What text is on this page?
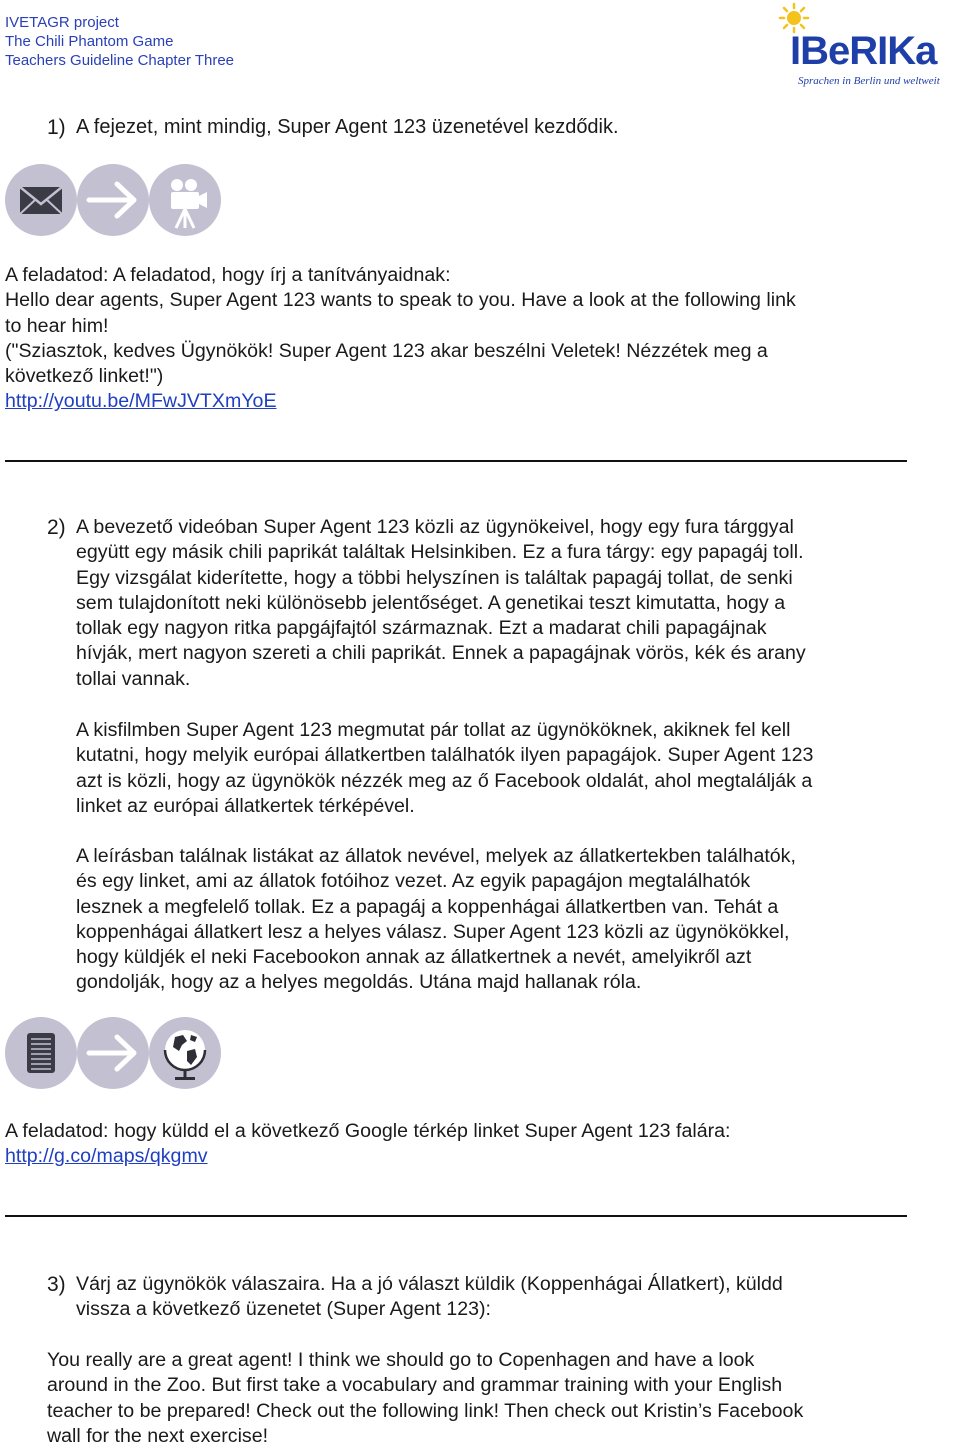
IVETAGR project
The Chili Phantom Game
Teachers Guideline Chapter Three	IBeRIKa
Sprachen in Berlin und weltweit
1) A fejezet, mint mindig, Super Agent 123 üzenetével kezdődik.

A feladatod: A feladatod, hogy írj a tanítványaidnak:

Hello dear agents, Super Agent 123 wants to speak to you. Have a look at the following link

to hear him!

("Sziasztok, kedves Ügynökök! Super Agent 123 akar beszélni Veletek! Nézzétek meg a

következő linket!")

http://youtu.be/MFwJVTXmYoE

2) A bevezető videóban Super Agent 123 közli az ügynökeivel, hogy egy fura tárggyal

együtt egy másik chili paprikát találtak Helsinkiben. Ez a fura tárgy: egy papagáj toll.

Egy vizsgálat kiderítette, hogy a többi helyszínen is találtak papagáj tollat, de senki

sem tulajdonított neki különösebb jelentőséget. A genetikai teszt kimutatta, hogy a

tollak egy nagyon ritka papgájfajtól származnak. Ezt a madarat chili papagájnak

hívják, mert nagyon szereti a chili paprikát. Ennek a papagájnak vörös, kék és arany

tollai vannak.

A kisfilmben Super Agent 123 megmutat pár tollat az ügynököknek, akiknek fel kell

kutatni, hogy melyik európai állatkertben találhatók ilyen papagájok. Super Agent 123

azt is közli, hogy az ügynökök nézzék meg az ő Facebook oldalát, ahol megtalálják a

linket az európai állatkertek térképével.

A leírásban találnak listákat az állatok nevével, melyek az állatkertekben találhatók,

és egy linket, ami az állatok fotóihoz vezet. Az egyik papagájon megtalálhatók

lesznek a megfelelő tollak. Ez a papagáj a koppenhágai állatkertben van. Tehát a

koppenhágai állatkert lesz a helyes válasz. Super Agent 123 közli az ügynökökkel,

hogy küldjék el neki Facebookon annak az állatkertnek a nevét, amelyikről azt

gondolják, hogy az a helyes megoldás. Utána majd hallanak róla.

A feladatod: hogy küldd el a következő Google térkép linket Super Agent 123 falára:

http://g.co/maps/qkgmv

3) Várj az ügynökök válaszaira. Ha a jó választ küldik (Koppenhágai Állatkert), küldd

vissza a következő üzenetet (Super Agent 123):

You really are a great agent! I think we should go to Copenhagen and have a look

around in the Zoo. But first take a vocabulary and grammar training with your English

teacher to be prepared! Check out the following link! Then check out Kristin’s Facebook

wall for the next exercise!
